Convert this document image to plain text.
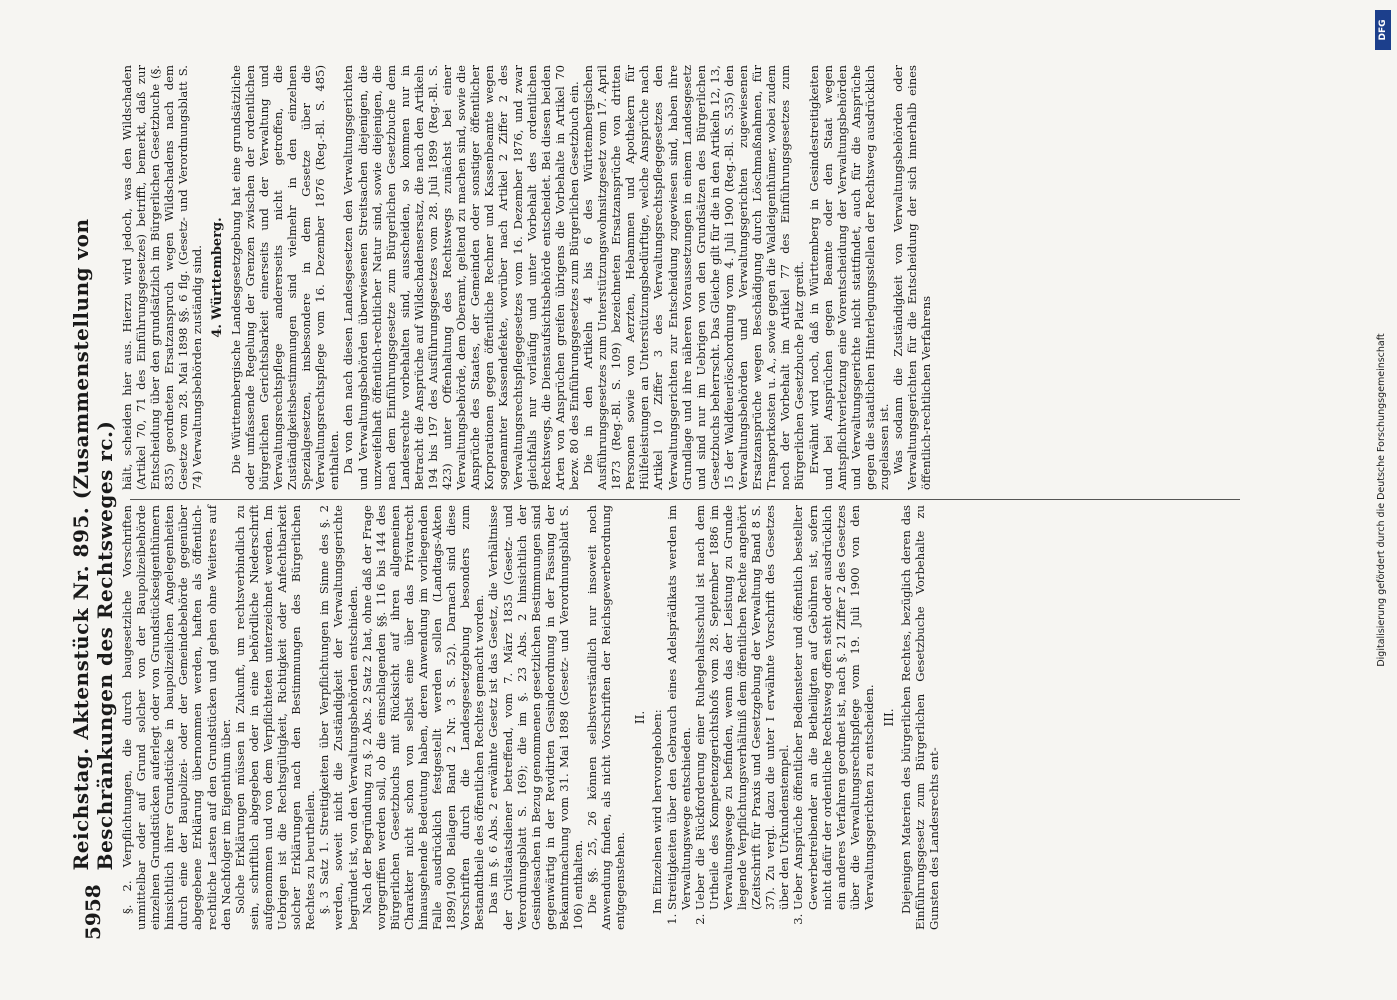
5958
Reichstag. Aktenstück Nr. 895. (Zusammenstellung von Beschränkungen des Rechtsweges rc.) §. 2. Verpflichtungen, die durch baugesetzliche Vorschriften unmittelbar oder auf Grund solcher von der Baupolizeibehörde einzelnen Grundstücken auferlegt oder von Grundstückseigenthümern hinsichtlich ihrer Grundstücke in baupolizeilichen Angelegenheiten durch eine der Baupolizei- oder der Gemeindebehörde gegenüber abgegebene Erklärung übernommen werden, haften als öffentlich-rechtliche Lasten auf den Grundstücken und gehen ohne Weiteres auf den Nachfolger im Eigenthum über. Solche Erklärungen müssen in Zukunft, um rechtsverbindlich zu sein, schriftlich abgegeben oder in eine behördliche Niederschrift aufgenommen und von dem Verpflichteten unterzeichnet werden. Im Uebrigen ist die Rechtsgültigkeit, Richtigkeit oder Anfechtbarkeit solcher Erklärungen nach den Bestimmungen des Bürgerlichen Rechtes zu beurtheilen. §. 3 Satz 1. Streitigkeiten über Verpflichtungen im Sinne des §. 2 werden, soweit nicht die Zuständigkeit der Verwaltungsgerichte begründet ist, von den Verwaltungsbehörden entschieden. Nach der Begründung zu §. 2 Abs. 2 Satz 2 hat, ohne daß der Frage vorgegriffen werden soll, ob die einschlagenden §§. 116 bis 144 des Bürgerlichen Gesetzbuchs mit Rücksicht auf ihren allgemeinen Charakter nicht schon von selbst eine über das Privatrecht hinausgehende Bedeutung haben, deren Anwendung im vorliegenden Falle ausdrücklich festgestellt werden sollen (Landtags-Akten 1899/1900 Beilagen Band 2 Nr. 3 S. 52). Darnach sind diese Vorschriften durch die Landesgesetzgebung besonders zum Bestandtheile des öffentlichen Rechtes gemacht worden. Das im §. 6 Abs. 2 erwähnte Gesetz ist das Gesetz, die Verhältnisse der Civilstaatsdiener betreffend, vom 7. März 1835 (Gesetz- und Verordnungsblatt S. 169); die im §. 23 Abs. 2 hinsichtlich der Gesindesachen in Bezug genommenen gesetzlichen Bestimmungen sind gegenwärtig in der Revidirten Gesindeordnung in der Fassung der Bekanntmachung vom 31. Mai 1898 (Gesetz- und Verordnungsblatt S. 106) enthalten. Die §§. 25, 26 können selbstverständlich nur insoweit noch Anwendung finden, als nicht Vorschriften der Reichsgewerbeordnung entgegenstehen.

II. Im Einzelnen wird hervorgehoben: 1. Streitigkeiten über den Gebrauch eines Adelsprädikats werden im Verwaltungswege entschieden. 2. Ueber die Rückforderung einer Ruhegehaltsschuld ist nach dem Urtheile des Kompetenzgerichtshofs vom 28. September 1886 im Verwaltungswege zu befinden, wenn das der Leistung zu Grunde liegende Verpflichtungsverhältniß dem öffentlichen Rechte angehört (Zeitschrift für Praxis und Gesetzgebung der Verwaltung Band 8 S. 37). Zu vergl. dazu die unter I erwähnte Vorschrift des Gesetzes über den Urkundenstempel. 3. Ueber Ansprüche öffentlicher Bediensteter und öffentlich bestellter Gewerbetreibender an die Betheiligten auf Gebühren ist, sofern nicht dafür der ordentliche Rechtsweg offen steht oder ausdrücklich ein anderes Verfahren geordnet ist, nach §. 21 Ziffer 2 des Gesetzes über die Verwaltungsrechtspflege vom 19. Juli 1900 von den Verwaltungsgerichten zu entscheiden. III. Diejenigen Materien des bürgerlichen Rechtes, bezüglich deren das Einführungsgesetz zum Bürgerlichen Gesetzbuche Vorbehalte zu Gunsten des Landesrechts ent-

hält, scheiden hier aus. Hierzu wird jedoch, was den Wildschaden (Artikel 70, 71 des Einführungsgesetzes) betrifft, bemerkt, daß zur Entscheidung über den grundsätzlich im Bürgerlichen Gesetzbuche (§. 835) geordneten Ersatzanspruch wegen Wildschadens nach dem Gesetze vom 28. Mai 1898 §§. 6 flg. (Gesetz- und Verordnungsblatt S. 74) Verwaltungsbehörden zuständig sind. 4. Württemberg. Die Württembergische Landesgesetzgebung hat eine grundsätzliche oder umfassende Regelung der Grenzen zwischen der ordentlichen bürgerlichen Gerichtsbarkeit einerseits und der Verwaltung und Verwaltungsrechtspflege andererseits nicht getroffen, die Zuständigkeitsbestimmungen sind vielmehr in den einzelnen Spezialgesetzen, insbesondere in dem Gesetze über die Verwaltungsrechtspflege vom 16. Dezember 1876 (Reg.-Bl. S. 485) enthalten. Da von den nach diesen Landesgesetzen den Verwaltungsgerichten und Verwaltungsbehörden überwiesenen Streitsachen diejenigen, die unzweifelhaft öffentlich-rechtlicher Natur sind, sowie diejenigen, die nach dem Einführungsgesetze zum Bürgerlichen Gesetzbuche dem Landesrechte vorbehalten sind, ausscheiden, so kommen nur in Betracht die Ansprüche auf Wildschadensersatz, die nach den Artikeln 194 bis 197 des Ausführungsgesetzes vom 28. Juli 1899 (Reg.-Bl. S. 423) unter Offenhaltung des Rechtswegs zunächst bei einer Verwaltungsbehörde, dem Oberamt, geltend zu machen sind, sowie die Ansprüche des Staates, der Gemeinden oder sonstiger öffentlicher Korporationen gegen öffentliche Rechner und Kassenbeamte wegen sogenannter Kassendefekte, worüber nach Artikel 2 Ziffer 2 des Verwaltungsrechtspflegegesetzes vom 16. Dezember 1876, und zwar gleichfalls nur vorläufig und unter Vorbehalt des ordentlichen Rechtswegs, die Dienstaufsichtsbehörde entscheidet. Bei diesen beiden Arten von Ansprüchen greifen übrigens die Vorbehalte in Artikel 70 bezw. 80 des Einführungsgesetzes zum Bürgerlichen Gesetzbuch ein. Die in den Artikeln 4 bis 6 des Württembergischen Ausführungsgesetzes zum Unterstützungswohnsitzgesetz vom 17. April 1873 (Reg.-Bl. S. 109) bezeichneten Ersatzansprüche von dritten Personen sowie von Aerzten, Hebammen und Apothekern für Hülfeleistungen an Unterstützungsbedürftige, welche Ansprüche nach Artikel 10 Ziffer 3 des Verwaltungsrechtspflegegesetzes den Verwaltungsgerichten zur Entscheidung zugewiesen sind, haben ihre Grundlage und ihre näheren Voraussetzungen in einem Landesgesetz und sind nur im Uebrigen von den Grundsätzen des Bürgerlichen Gesetzbuchs beherrscht. Das Gleiche gilt für die in den Artikeln 12, 13, 15 der Waldfeuerlöschordnung vom 4. Juli 1900 (Reg.-Bl. S. 535) den Verwaltungsbehörden und Verwaltungsgerichten zugewiesenen Ersatzansprüche wegen Beschädigung durch Löschmaßnahmen, für Transportkosten u. A., sowie gegen die Waldeigenthümer, wobei zudem noch der Vorbehalt im Artikel 77 des Einführungsgesetzes zum Bürgerlichen Gesetzbuche Platz greift. Erwähnt wird noch, daß in Württemberg in Gesindestreitigkeiten und bei Ansprüchen gegen Beamte oder den Staat wegen Amtspflichtverletzung eine Vorentscheidung der Verwaltungsbehörden und Verwaltungsgerichte nicht stattfindet, auch für die Ansprüche gegen die staatlichen Hinterlegungsstellen der Rechtsweg ausdrücklich zugelassen ist. Was sodann die Zuständigkeit von Verwaltungsbehörden oder Verwaltungsgerichten für die Entscheidung der sich innerhalb eines öffentlich-rechtlichen Verfahrens	Digitalisierung gefördert durch die Deutsche Forschungsgemeinschaft
DFG
